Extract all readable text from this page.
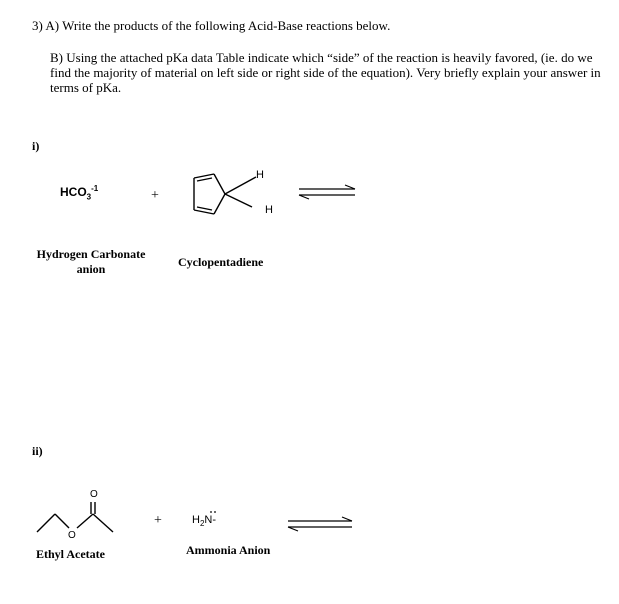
3) A) Write the products of the following Acid-Base reactions below.
B) Using the attached pKa data Table indicate which “side” of the reaction is heavily favored, (ie. do we
find the majority of material on left side or right side of the equation). Very briefly explain your answer in
terms of pKa.
i)
$HCO_3^{-1}$	+
H
H
Hydrogen Carbonate
anion	Cyclopentadiene
ii)
O
O
+	$H_2N-$
Ethyl Acetate	Ammonia Anion
